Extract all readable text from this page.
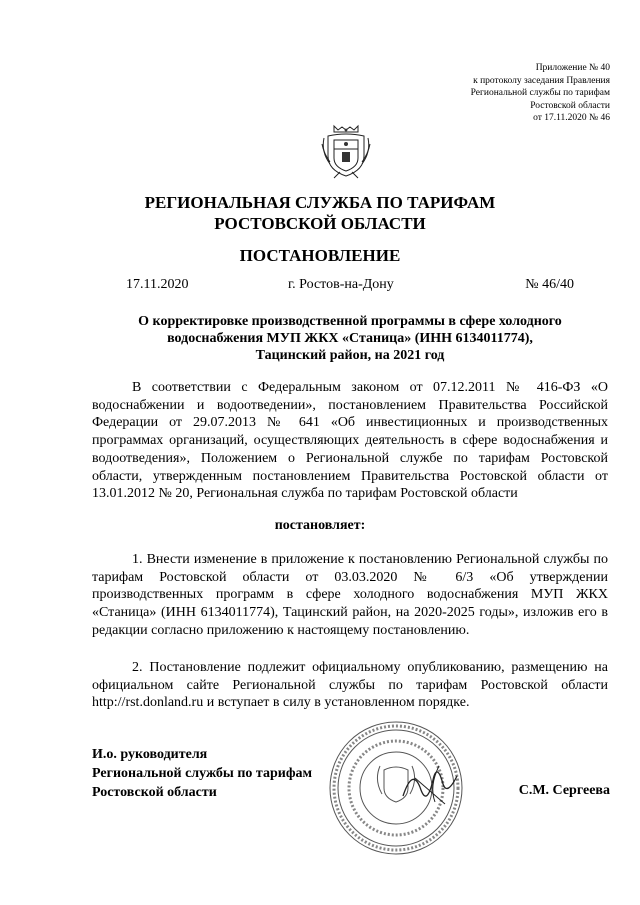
Приложение № 40
к протоколу заседания Правления
Региональной службы по тарифам
Ростовской области
от 17.11.2020 № 46
РЕГИОНАЛЬНАЯ СЛУЖБА ПО ТАРИФАМ
РОСТОВСКОЙ ОБЛАСТИ
ПОСТАНОВЛЕНИЕ
17.11.2020	г. Ростов-на-Дону	№ 46/40
О корректировке производственной программы в сфере холодного
водоснабжения МУП ЖКХ «Станица» (ИНН 6134011774),
Тацинский район, на 2021 год

В соответствии с Федеральным законом от 07.12.2011 № 416-ФЗ «О водоснабжении и водоотведении», постановлением Правительства Российской Федерации от 29.07.2013 № 641 «Об инвестиционных и производственных программах организаций, осуществляющих деятельность в сфере водоснабжения и водоотведения», Положением о Региональной службе по тарифам Ростовской области, утвержденным постановлением Правительства Ростовской области от 13.01.2012 № 20, Региональная служба по тарифам Ростовской области

постановляет:

1. Внести изменение в приложение к постановлению Региональной службы по тарифам Ростовской области от 03.03.2020 № 6/3 «Об утверждении производственных программ в сфере холодного водоснабжения МУП ЖКХ «Станица» (ИНН 6134011774), Тацинский район, на 2020-2025 годы», изложив его в редакции согласно приложению к настоящему постановлению.

2. Постановление подлежит официальному опубликованию, размещению на официальном сайте Региональной службы по тарифам Ростовской области http://rst.donland.ru и вступает в силу в установленном порядке.

И.о. руководителя
Региональной службы по тарифам
Ростовской области	С.М. Сергеева
